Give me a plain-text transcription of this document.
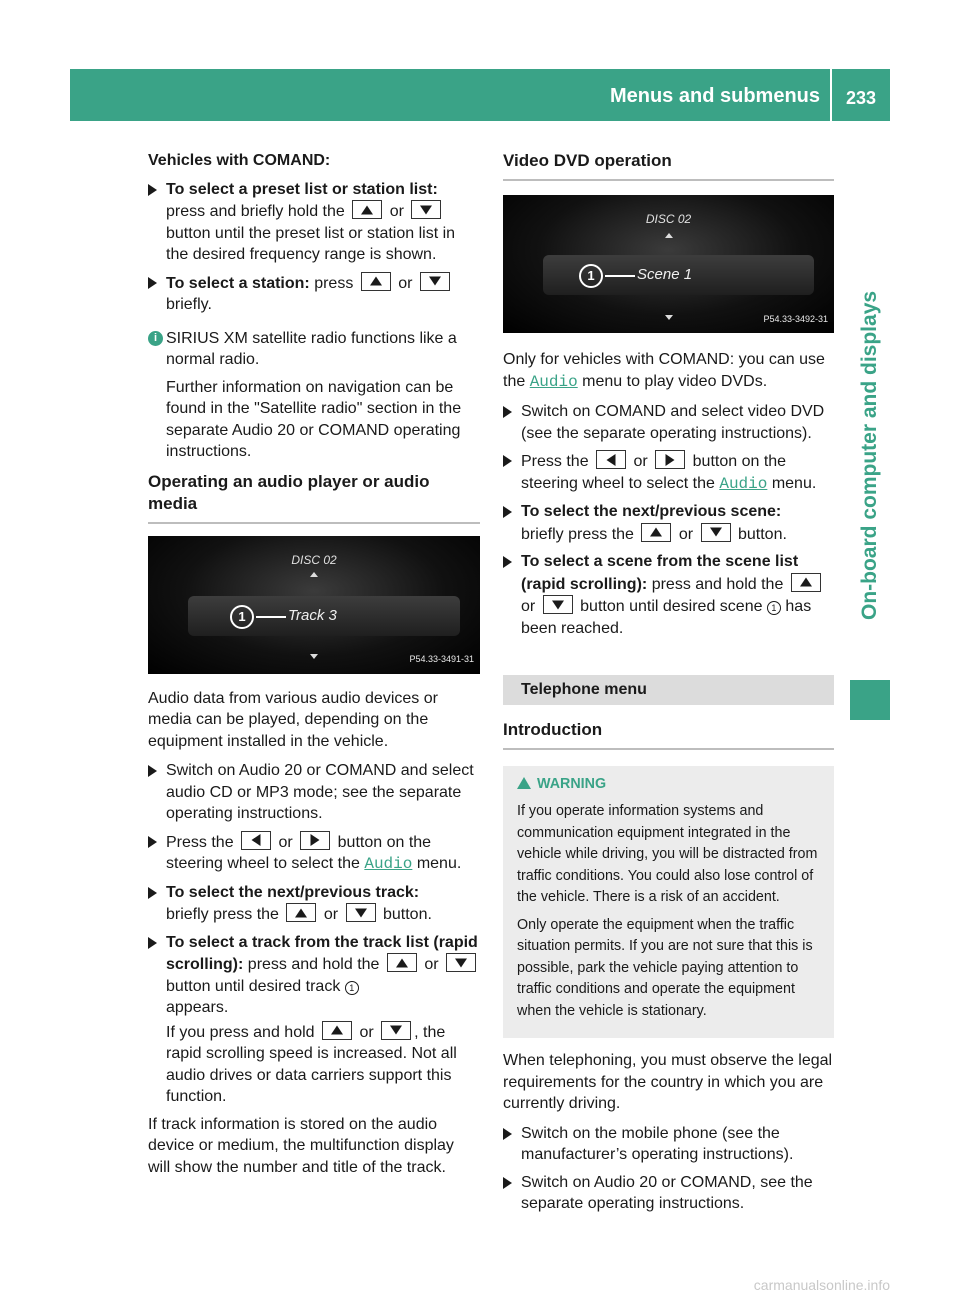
Menus and submenus	233
On-board computer and displays
Vehicles with COMAND:
To select a preset list or station list:
press and briefly hold the	or  button until the preset list or station list in the desired frequency range is shown.
To select a station: press	or
briefly.
i SIRIUS XM satellite radio functions like a normal radio.
Further information on navigation can be found in the "Satellite radio" section in the separate Audio 20 or COMAND operating instructions.
Operating an audio player or audio media
DISC 02
1	Track 3
P54.33-3491-31

Audio data from various audio devices or media can be played, depending on the equipment installed in the vehicle.

Switch on Audio 20 or COMAND and select audio CD or MP3 mode; see the separate operating instructions.
Press the	or	button on the steering wheel to select the Audio menu.
To select the next/previous track:
briefly press the	or	button.
To select a track from the track list (rapid scrolling): press and hold the	or  button until desired track 1
appears.
If you press and hold	or	, the rapid scrolling speed is increased. Not all audio drives or data carriers support this function.

If track information is stored on the audio device or medium, the multifunction display will show the number and title of the track.

Video DVD operation
DISC 02
1	Scene 1
P54.33-3492-31

Only for vehicles with COMAND: you can use the Audio menu to play video DVDs.

Switch on COMAND and select video DVD (see the separate operating instructions).
Press the	or	button on the steering wheel to select the Audio menu.
To select the next/previous scene:
briefly press the	or	button.
To select a scene from the scene list (rapid scrolling): press and hold the
or	button until desired scene 1 has been reached.
Telephone menu
Introduction
WARNING

If you operate information systems and communication equipment integrated in the vehicle while driving, you will be distracted from traffic conditions. You could also lose control of the vehicle. There is a risk of an accident.

Only operate the equipment when the traffic situation permits. If you are not sure that this is possible, park the vehicle paying attention to traffic conditions and operate the equipment when the vehicle is stationary.

When telephoning, you must observe the legal requirements for the country in which you are currently driving.

Switch on the mobile phone (see the manufacturer’s operating instructions).
Switch on Audio 20 or COMAND, see the separate operating instructions.
carmanualsonline.info
